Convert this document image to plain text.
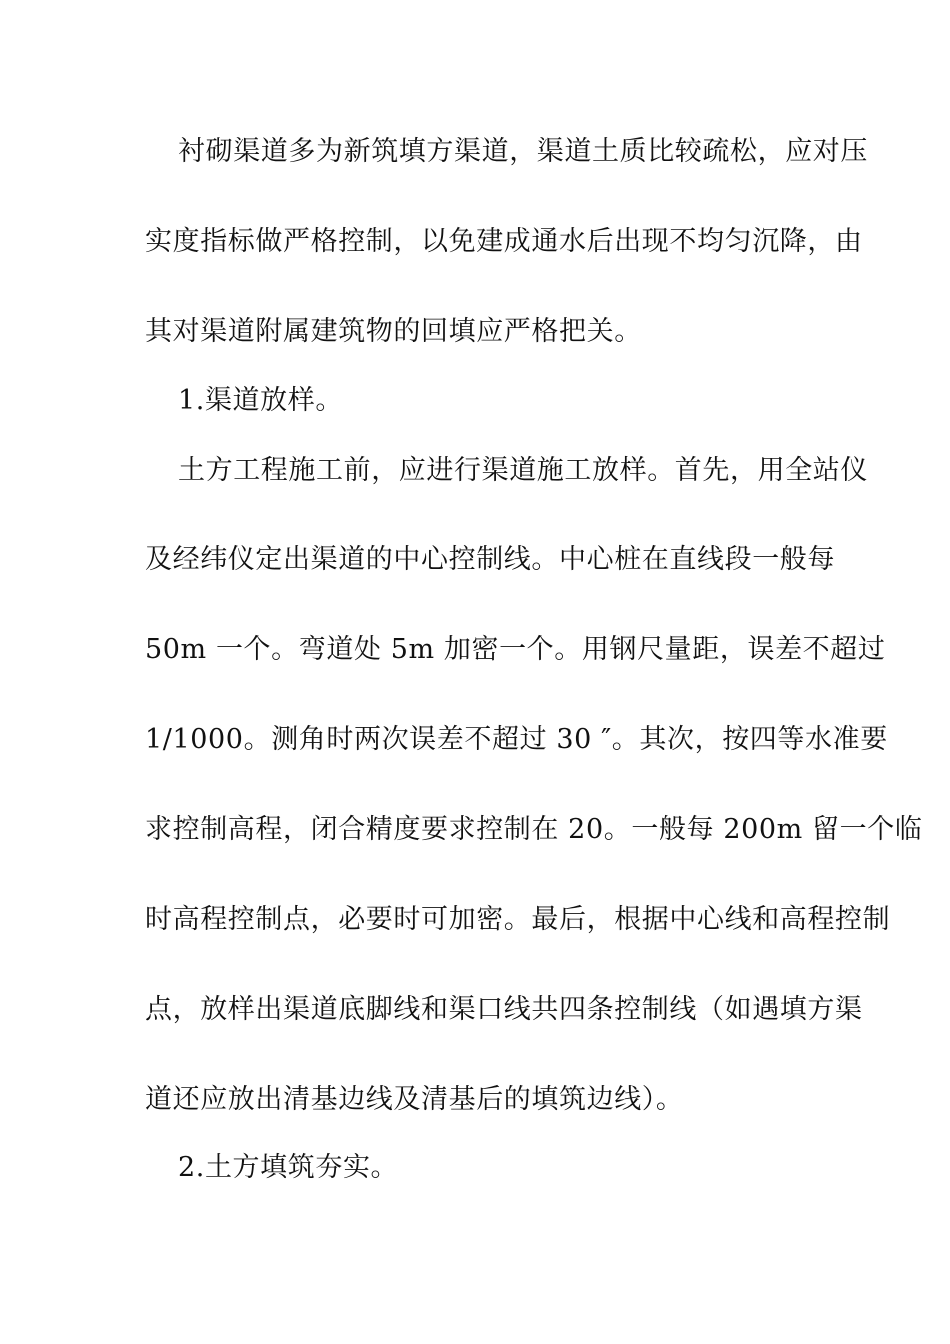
衬砌渠道多为新筑填方渠道，渠道土质比较疏松，应对压
实度指标做严格控制，以免建成通水后出现不均匀沉降，由
其对渠道附属建筑物的回填应严格把关。
1.渠道放样。
土方工程施工前，应进行渠道施工放样。首先，用全站仪
及经纬仪定出渠道的中心控制线。中心桩在直线段一般每
50m 一个。弯道处 5m 加密一个。用钢尺量距，误差不超过
1/1000。测角时两次误差不超过 30 ″。其次，按四等水准要
求控制高程，闭合精度要求控制在 20。一般每 200m 留一个临
时高程控制点，必要时可加密。最后，根据中心线和高程控制
点，放样出渠道底脚线和渠口线共四条控制线（如遇填方渠
道还应放出清基边线及清基后的填筑边线）。
2.土方填筑夯实。
